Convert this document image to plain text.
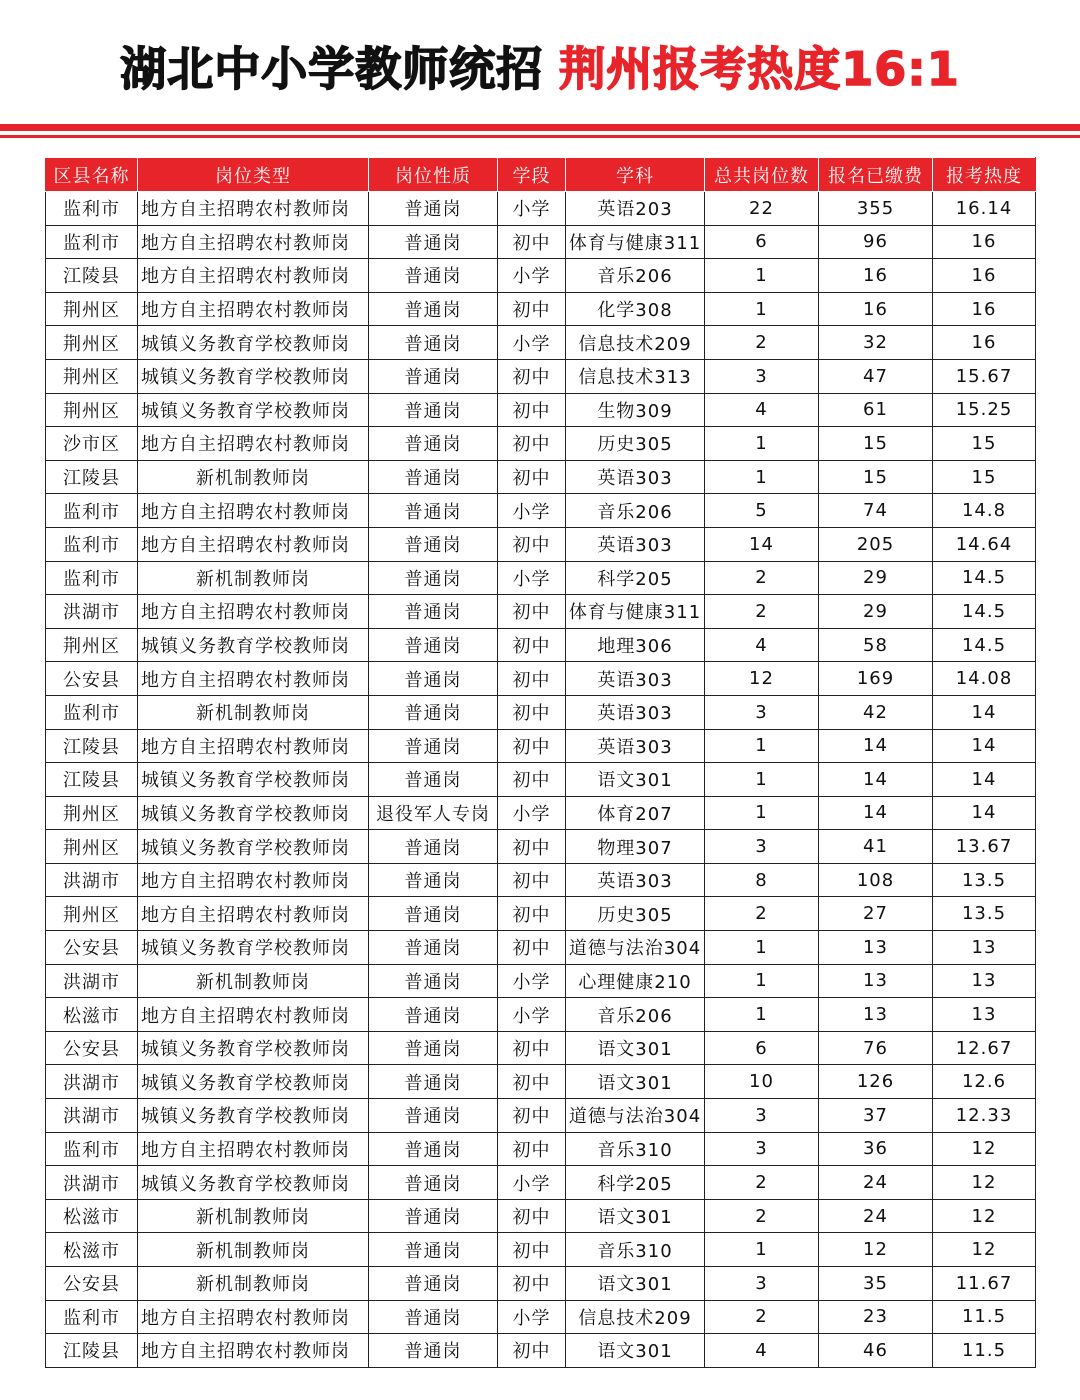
湖北中小学教师统招 荆州报考热度16:1
区县名称	岗位类型	岗位性质	学段	学科	总共岗位数	报名已缴费	报考热度
监利市	地方自主招聘农村教师岗	普通岗	小学	英语203	22	355	16.14
监利市	地方自主招聘农村教师岗	普通岗	初中	体育与健康311	6	96	16
江陵县	地方自主招聘农村教师岗	普通岗	小学	音乐206	1	16	16
荆州区	地方自主招聘农村教师岗	普通岗	初中	化学308	1	16	16
荆州区	城镇义务教育学校教师岗	普通岗	小学	信息技术209	2	32	16
荆州区	城镇义务教育学校教师岗	普通岗	初中	信息技术313	3	47	15.67
荆州区	城镇义务教育学校教师岗	普通岗	初中	生物309	4	61	15.25
沙市区	地方自主招聘农村教师岗	普通岗	初中	历史305	1	15	15
江陵县	新机制教师岗	普通岗	初中	英语303	1	15	15
监利市	地方自主招聘农村教师岗	普通岗	小学	音乐206	5	74	14.8
监利市	地方自主招聘农村教师岗	普通岗	初中	英语303	14	205	14.64
监利市	新机制教师岗	普通岗	小学	科学205	2	29	14.5
洪湖市	地方自主招聘农村教师岗	普通岗	初中	体育与健康311	2	29	14.5
荆州区	城镇义务教育学校教师岗	普通岗	初中	地理306	4	58	14.5
公安县	地方自主招聘农村教师岗	普通岗	初中	英语303	12	169	14.08
监利市	新机制教师岗	普通岗	初中	英语303	3	42	14
江陵县	地方自主招聘农村教师岗	普通岗	初中	英语303	1	14	14
江陵县	城镇义务教育学校教师岗	普通岗	初中	语文301	1	14	14
荆州区	城镇义务教育学校教师岗	退役军人专岗	小学	体育207	1	14	14
荆州区	城镇义务教育学校教师岗	普通岗	初中	物理307	3	41	13.67
洪湖市	地方自主招聘农村教师岗	普通岗	初中	英语303	8	108	13.5
荆州区	地方自主招聘农村教师岗	普通岗	初中	历史305	2	27	13.5
公安县	城镇义务教育学校教师岗	普通岗	初中	道德与法治304	1	13	13
洪湖市	新机制教师岗	普通岗	小学	心理健康210	1	13	13
松滋市	地方自主招聘农村教师岗	普通岗	小学	音乐206	1	13	13
公安县	城镇义务教育学校教师岗	普通岗	初中	语文301	6	76	12.67
洪湖市	城镇义务教育学校教师岗	普通岗	初中	语文301	10	126	12.6
洪湖市	城镇义务教育学校教师岗	普通岗	初中	道德与法治304	3	37	12.33
监利市	地方自主招聘农村教师岗	普通岗	初中	音乐310	3	36	12
洪湖市	城镇义务教育学校教师岗	普通岗	小学	科学205	2	24	12
松滋市	新机制教师岗	普通岗	初中	语文301	2	24	12
松滋市	新机制教师岗	普通岗	初中	音乐310	1	12	12
公安县	新机制教师岗	普通岗	初中	语文301	3	35	11.67
监利市	地方自主招聘农村教师岗	普通岗	小学	信息技术209	2	23	11.5
江陵县	地方自主招聘农村教师岗	普通岗	初中	语文301	4	46	11.5
